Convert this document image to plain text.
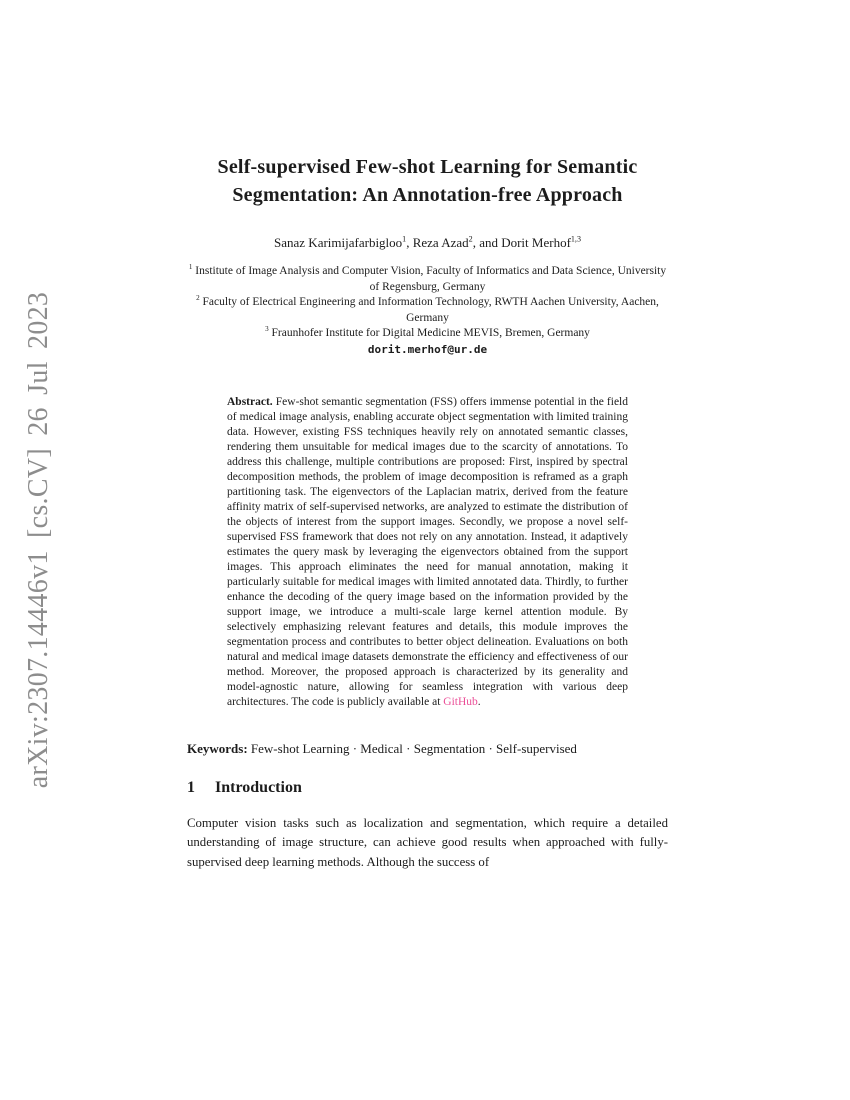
arXiv:2307.14446v1 [cs.CV] 26 Jul 2023
Self-supervised Few-shot Learning for Semantic
Segmentation: An Annotation-free Approach
Sanaz Karimijafarbigloo$^1$, Reza Azad$^2$, and Dorit Merhof$^{1,3}$

$^1$ Institute of Image Analysis and Computer Vision, Faculty of Informatics and Data Science, University of Regensburg, Germany

$^2$ Faculty of Electrical Engineering and Information Technology, RWTH Aachen University, Aachen, Germany

$^3$ Fraunhofer Institute for Digital Medicine MEVIS, Bremen, Germany

dorit.merhof@ur.de

Abstract. Few-shot semantic segmentation (FSS) offers immense potential in the field of medical image analysis, enabling accurate object segmentation with limited training data. However, existing FSS techniques heavily rely on annotated semantic classes, rendering them unsuitable for medical images due to the scarcity of annotations. To address this challenge, multiple contributions are proposed: First, inspired by spectral decomposition methods, the problem of image decomposition is reframed as a graph partitioning task. The eigenvectors of the Laplacian matrix, derived from the feature affinity matrix of self-supervised networks, are analyzed to estimate the distribution of the objects of interest from the support images. Secondly, we propose a novel self-supervised FSS framework that does not rely on any annotation. Instead, it adaptively estimates the query mask by leveraging the eigenvectors obtained from the support images. This approach eliminates the need for manual annotation, making it particularly suitable for medical images with limited annotated data. Thirdly, to further enhance the decoding of the query image based on the information provided by the support image, we introduce a multi-scale large kernel attention module. By selectively emphasizing relevant features and details, this module improves the segmentation process and contributes to better object delineation. Evaluations on both natural and medical image datasets demonstrate the efficiency and effectiveness of our method. Moreover, the proposed approach is characterized by its generality and model-agnostic nature, allowing for seamless integration with various deep architectures. The code is publicly available at GitHub.

Keywords: Few-shot Learning · Medical · Segmentation · Self-supervised

1 Introduction

Computer vision tasks such as localization and segmentation, which require a detailed understanding of image structure, can achieve good results when approached with fully-supervised deep learning methods. Although the success of
